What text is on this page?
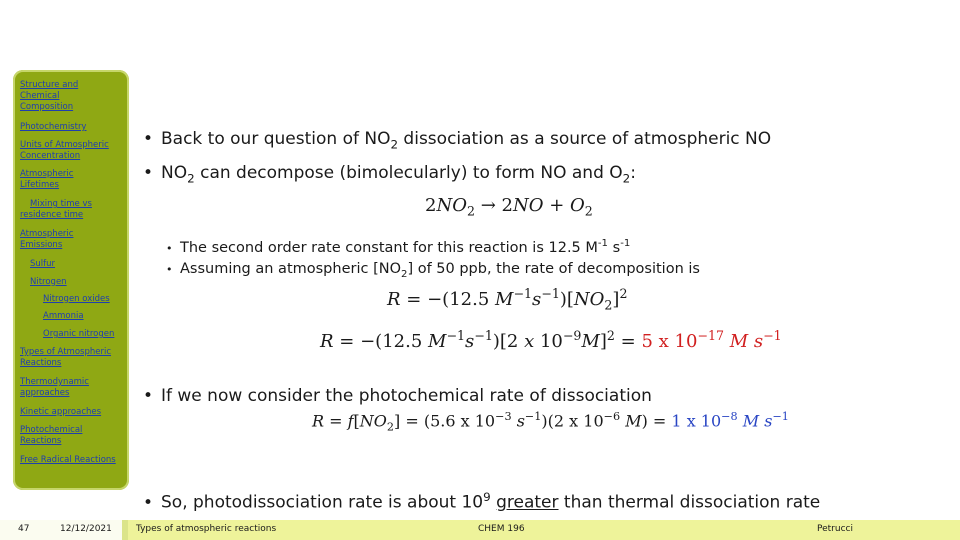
Structure and
Chemical
Composition
Photochemistry
Units of Atmospheric
Concentration
Atmospheric
Lifetimes
Mixing time vs
residence time
Atmospheric
Emissions
Sulfur
Nitrogen
Nitrogen oxides
Ammonia
Organic nitrogen
Types of Atmospheric
Reactions
Thermodynamic
approaches
Kinetic approaches
Photochemical
Reactions
Free Radical Reactions
• Back to our question of $NO_2$ dissociation as a source of atmospheric NO
• $NO_2$ can decompose (bimolecularly) to form NO and $O_2$:
$2NO_2 \to 2NO + O_2$
• The second order rate constant for this reaction is 12.5 $M^{-1}$ $s^{-1}$
• Assuming an atmospheric $[NO_2]$ of 50 ppb, the rate of decomposition is
R = −(12.5 $M^{-1}s^{-1})[NO_2]^2$
R = −(12.5 $M^{-1}s^{-1})[2$ x $10^{-9}M]^2 = 5$ x $10^{-17}$ M $s^{-1}$
• If we now consider the photochemical rate of dissociation
$R = f[NO_2] = (5.6$ x $10^{-3}$ $s^{-1})(2$ x $10^{-6}$ M) = 1 x $10^{-8}$ M $s^{-1}$
• So, photodissociation rate is about $10^9$ greater than thermal dissociation rate
47	12/12/2021	Types of atmospheric reactions	CHEM 196	Petrucci
